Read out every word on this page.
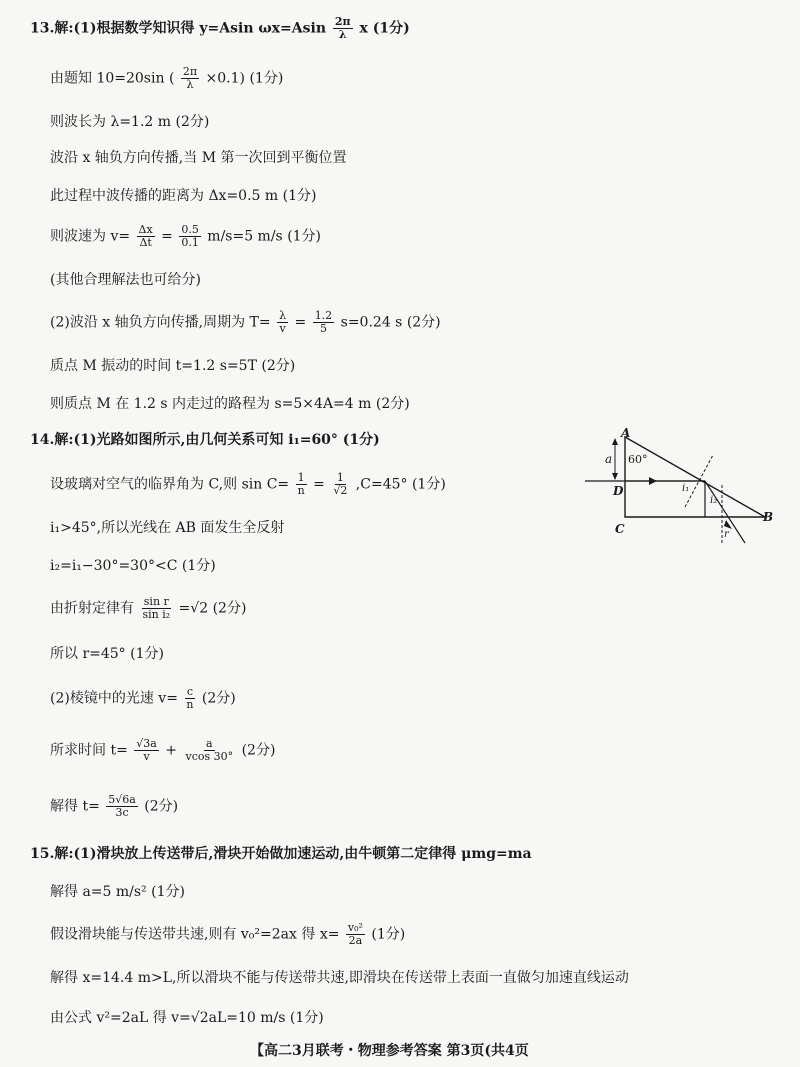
13.解:(1)根据数学知识得 y=Asin $\omega x=Asin \frac{2\pi}{\lambda}$ x (1分)
由题知 10=20sin ( $\frac{2\pi}{\lambda} \times 0.1$) (1分)
则波长为 λ=1.2 m (2分)
波沿 x 轴负方向传播,当 M 第一次回到平衡位置
此过程中波传播的距离为 Δx=0.5 m (1分)
则波速为 $v= \frac{\Delta x}{\Delta t} = \frac{0.5}{0.1} m/s=5$ m/s (1分)
(其他合理解法也可给分)
(2)波沿 x 轴负方向传播,周期为 $T= \frac{\lambda}{v} = \frac{1.2}{5} s=0.24$ s (2分)
质点 M 振动的时间 t=1.2 s=5T (2分)
则质点 M 在 1.2 s 内走过的路程为 s=5×4A=4 m (2分)
14.解:(1)光路如图所示,由几何关系可知 i₁=60° (1分)
设玻璃对空气的临界角为 C,则 $\sin C= \frac{1}{n} = \frac{1}{√2} ,C=45^\circ$ (1分)
i₁>45°,所以光线在 AB 面发生全反射
i₂=i₁−30°=30°<C (1分)
由折射定律有 $\frac{\text{sin r}}{\text{sin i₂}} =√2$ (2分)
所以 r=45° (1分)
(2)棱镜中的光速 $v= \frac{c}{n} (2$分)
所求时间 $t= \frac{√3a}{v} + \frac{a}{vcos 30^\circ} (2$分)
解得 $t= \frac{5√6a}{3c} (2$分)
A
a 60°
D
C
B
i₁
i₂
r
15.解:(1)滑块放上传送带后,滑块开始做加速运动,由牛顿第二定律得 μmg=ma
解得 a=5 m/s² (1分)
假设滑块能与传送带共速,则有 v₀²=2ax 得 $x= \frac{\text{v₀²}}{2a} (1$分)
解得 x=14.4 m>L,所以滑块不能与传送带共速,即滑块在传送带上表面一直做匀加速直线运动
由公式 v²=2aL 得 v=√2aL=10 m/s (1分)
【高二3月联考・物理参考答案 第3页(共4页
